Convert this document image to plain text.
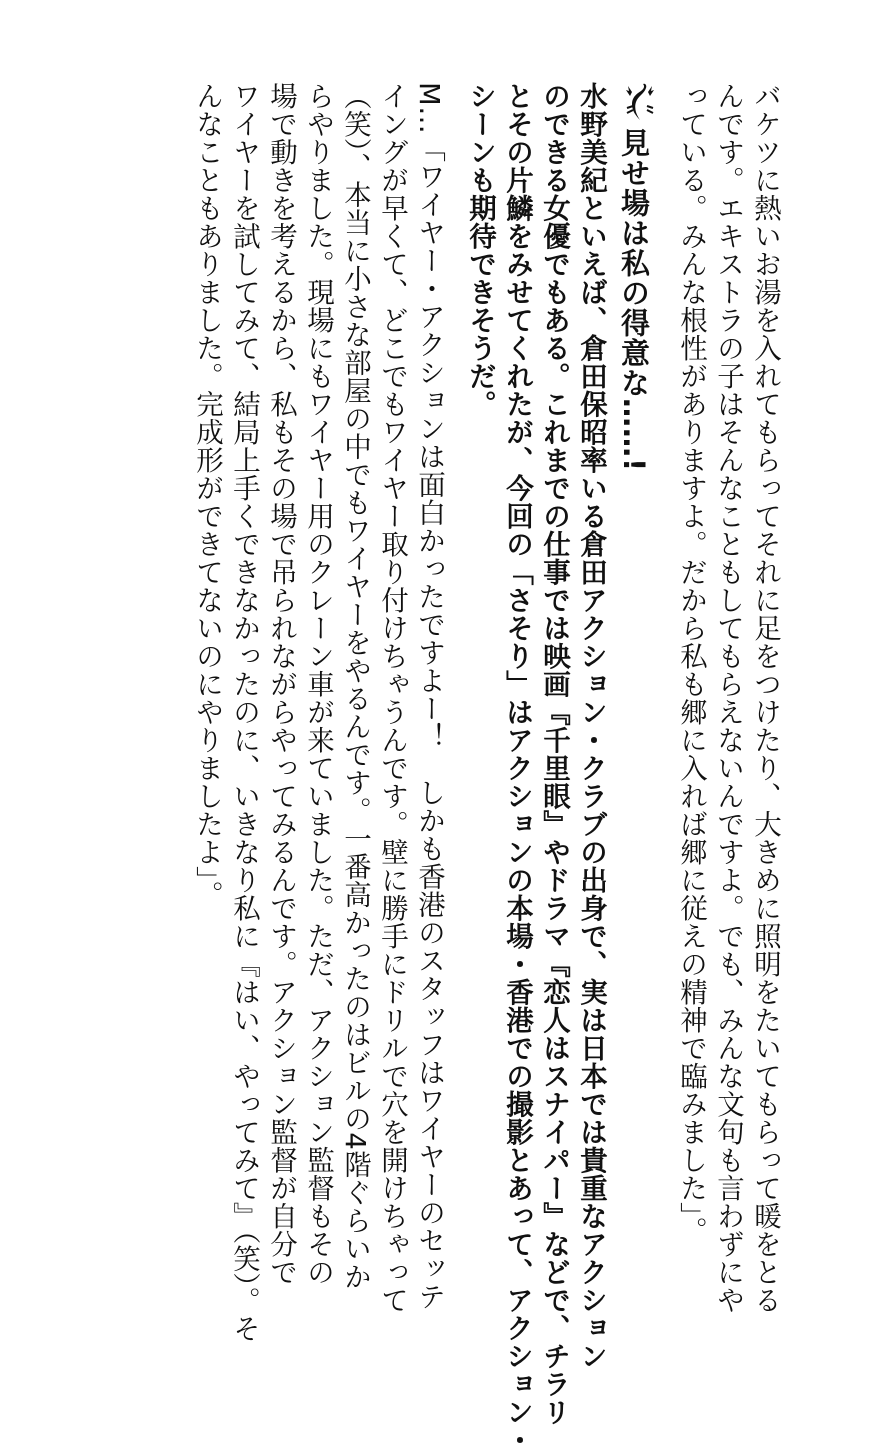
バケツに熱いお湯を入れてもらってそれに足をつけたり、大きめに照明をたいてもらって暖をとる
んです。エキストラの子はそんなこともしてもらえないんですよ。でも、みんな文句も言わずにや
っている。みんな根性がありますよ。だから私も郷に入れば郷に従えの精神で臨みました」。
見せ場は私の得意な……!
水野美紀といえば、倉田保昭率いる倉田アクション・クラブの出身で、実は日本では貴重なアクション
のできる女優でもある。これまでの仕事では映画『千里眼』やドラマ『恋人はスナイパー』などで、チラリ
とその片鱗をみせてくれたが、今回の「さそり」はアクションの本場・香港での撮影とあって、アクション・
シーンも期待できそうだ。
M…「ワイヤー・アクションは面白かったですよー！　しかも香港のスタッフはワイヤーのセッテ
イングが早くて、どこでもワイヤー取り付けちゃうんです。壁に勝手にドリルで穴を開けちゃって
（笑）、本当に小さな部屋の中でもワイヤーをやるんです。一番高かったのはビルの4階ぐらいか
らやりました。現場にもワイヤー用のクレーン車が来ていました。ただ、アクション監督もその
場で動きを考えるから、私もその場で吊られながらやってみるんです。アクション監督が自分で
ワイヤーを試してみて、結局上手くできなかったのに、いきなり私に『はい、やってみて』（笑）。そ
んなこともありました。完成形ができてないのにやりましたよ」。
